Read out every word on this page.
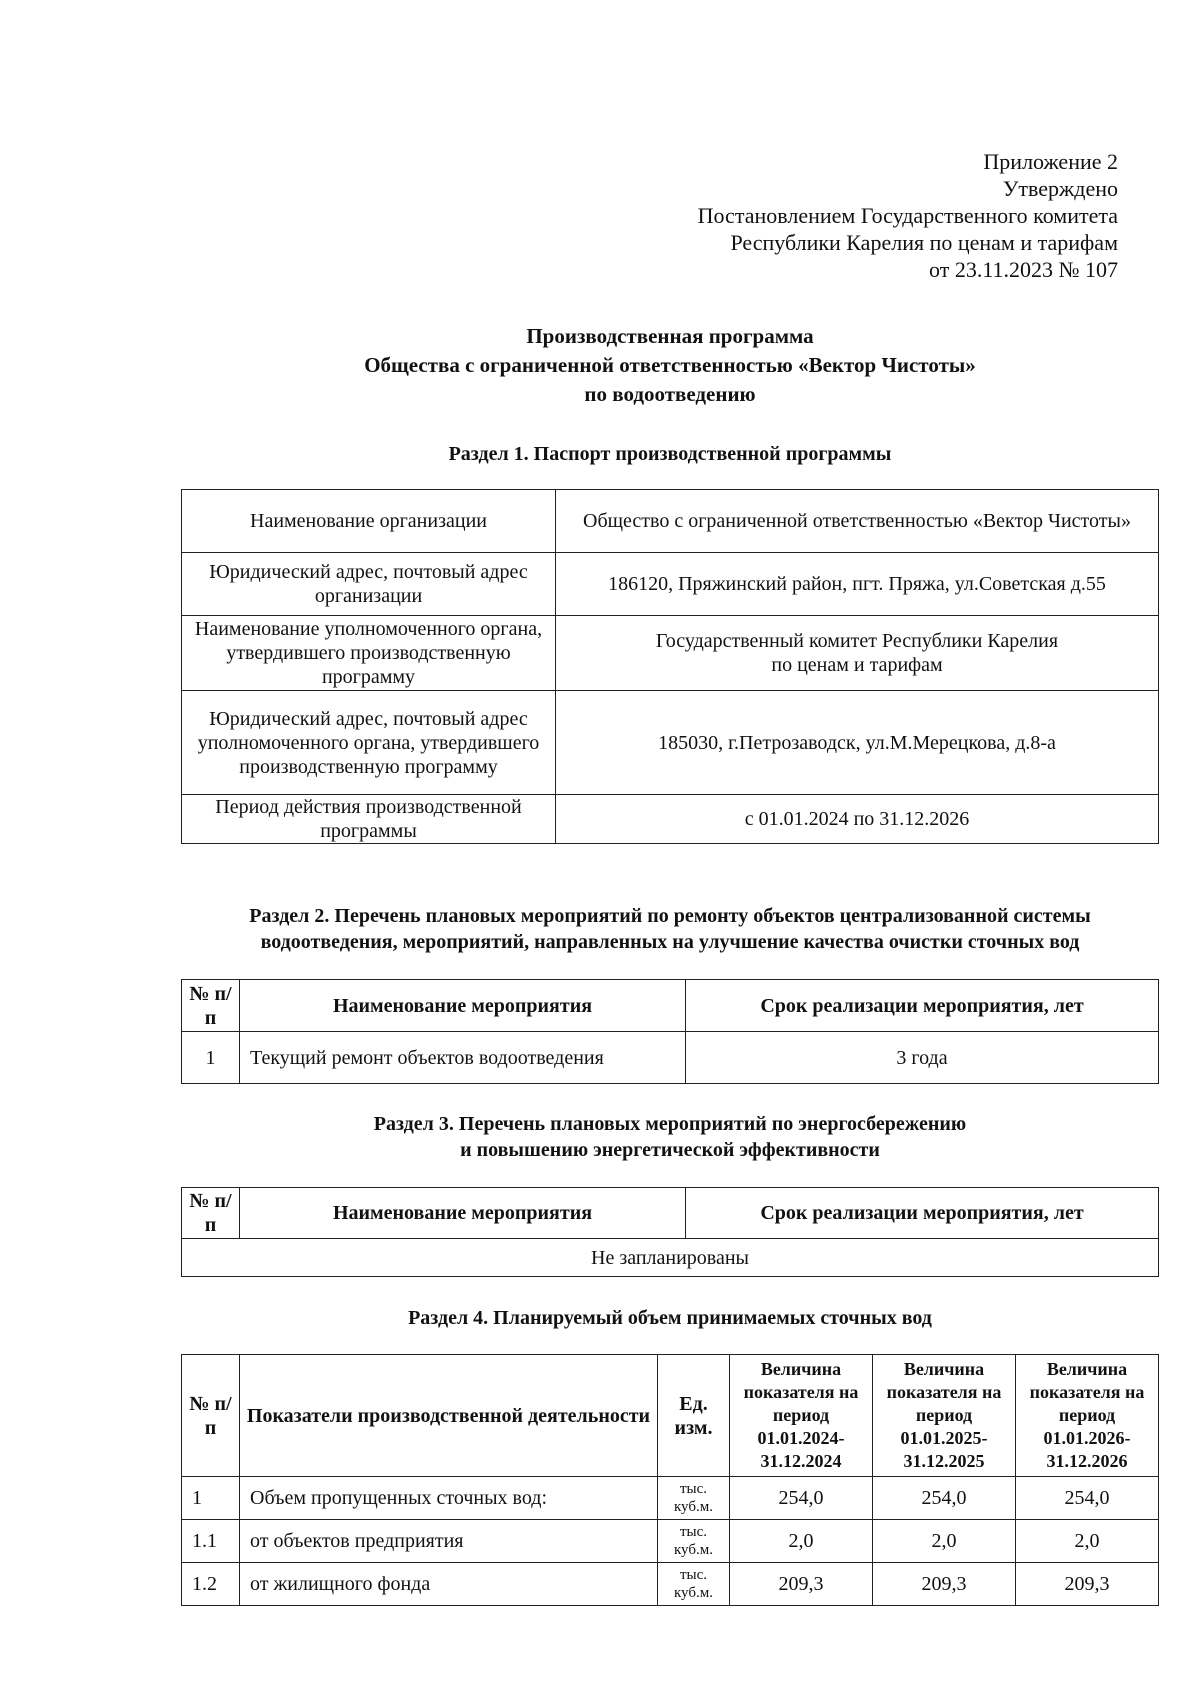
Приложение 2
Утверждено
Постановлением Государственного комитета
Республики Карелия по ценам и тарифам
от 23.11.2023 № 107
Производственная программа
Общества с ограниченной ответственностью «Вектор Чистоты»
по водоотведению
Раздел 1. Паспорт производственной программы
Наименование организации	Общество с ограниченной ответственностью «Вектор Чистоты»
Юридический адрес, почтовый адрес организации	186120, Пряжинский район, пгт. Пряжа, ул.Советская д.55
Наименование уполномоченного органа, утвердившего производственную программу	Государственный комитет Республики Карелия
по ценам и тарифам

Юридический адрес, почтовый адрес уполномоченного органа, утвердившего производственную программу	185030, г.Петрозаводск, ул.М.Мерецкова, д.8-а
Период действия производственной программы	с 01.01.2024 по 31.12.2026
Раздел 2. Перечень плановых мероприятий по ремонту объектов централизованной системы
водоотведения, мероприятий, направленных на улучшение качества очистки сточных вод
№ п/п	Наименование мероприятия	Срок реализации мероприятия, лет
1	Текущий ремонт объектов водоотведения	3 года
Раздел 3. Перечень плановых мероприятий по энергосбережению
и повышению энергетической эффективности
№ п/п	Наименование мероприятия	Срок реализации мероприятия, лет
Не запланированы
Раздел 4. Планируемый объем принимаемых сточных вод
№ п/п	Показатели производственной деятельности	Ед. изм.	Величина показателя на период 01.01.2024-31.12.2024	Величина показателя на период 01.01.2025-31.12.2025	Величина показателя на период 01.01.2026-31.12.2026
1	Объем пропущенных сточных вод:	тыс. куб.м.	254,0	254,0	254,0
1.1	от объектов предприятия	тыс. куб.м.	2,0	2,0	2,0
1.2	от жилищного фонда	тыс. куб.м.	209,3	209,3	209,3
